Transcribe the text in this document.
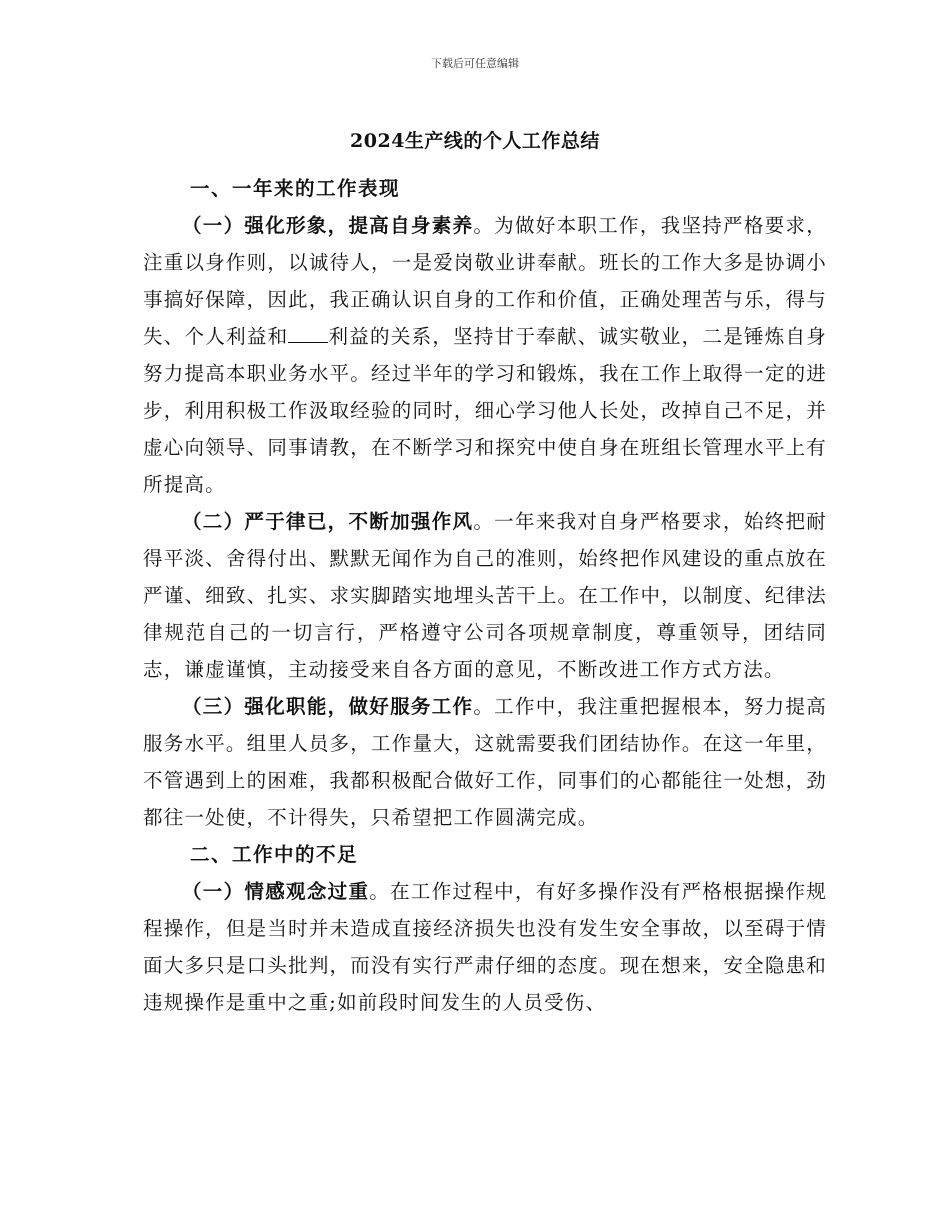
下载后可任意编辑
2024生产线的个人工作总结

一、一年来的工作表现

（一）强化形象，提高自身素养。为做好本职工作，我坚持严格要求，注重以身作则，以诚待人，一是爱岗敬业讲奉献。班长的工作大多是协调小事搞好保障，因此，我正确认识自身的工作和价值，正确处理苦与乐，得与失、个人利益和 利益的关系，坚持甘于奉献、诚实敬业，二是锤炼自身努力提高本职业务水平。经过半年的学习和锻炼，我在工作上取得一定的进步，利用积极工作汲取经验的同时，细心学习他人长处，改掉自己不足，并虚心向领导、同事请教，在不断学习和探究中使自身在班组长管理水平上有所提高。

（二）严于律已，不断加强作风。一年来我对自身严格要求，始终把耐得平淡、舍得付出、默默无闻作为自己的准则，始终把作风建设的重点放在严谨、细致、扎实、求实脚踏实地埋头苦干上。在工作中，以制度、纪律法律规范自己的一切言行，严格遵守公司各项规章制度，尊重领导，团结同志，谦虚谨慎，主动接受来自各方面的意见，不断改进工作方式方法。

（三）强化职能，做好服务工作。工作中，我注重把握根本，努力提高服务水平。组里人员多，工作量大，这就需要我们团结协作。在这一年里，不管遇到上的困难，我都积极配合做好工作，同事们的心都能往一处想，劲都往一处使，不计得失，只希望把工作圆满完成。

二、工作中的不足

（一）情感观念过重。在工作过程中，有好多操作没有严格根据操作规程操作，但是当时并未造成直接经济损失也没有发生安全事故，以至碍于情面大多只是口头批判，而没有实行严肃仔细的态度。现在想来，安全隐患和违规操作是重中之重;如前段时间发生的人员受伤、
